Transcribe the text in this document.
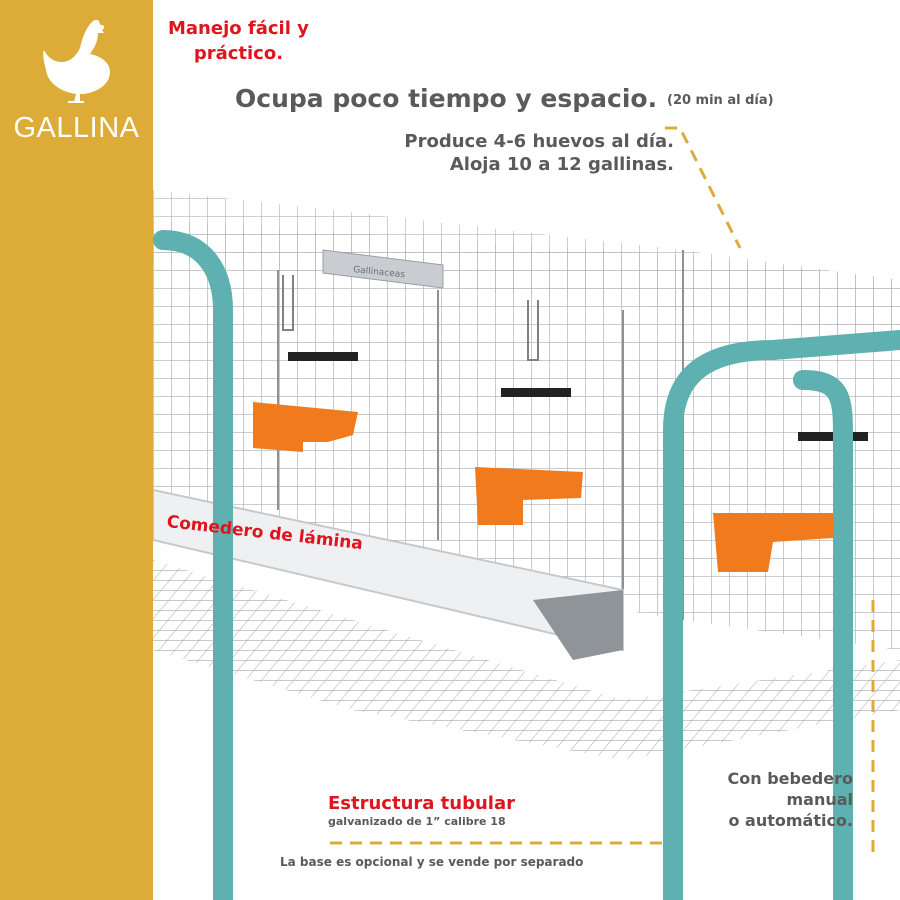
GALLINA
Gallinaceas
Manejo fácil y
práctico.
Ocupa poco tiempo y espacio. (20 min al día)
Produce 4-6 huevos al día.
Aloja 10 a 12 gallinas.
Comedero de lámina
Estructura tubular
galvanizado de 1” calibre 18
La base es opcional y se vende por separado
Con bebedero
manual
o automático.
